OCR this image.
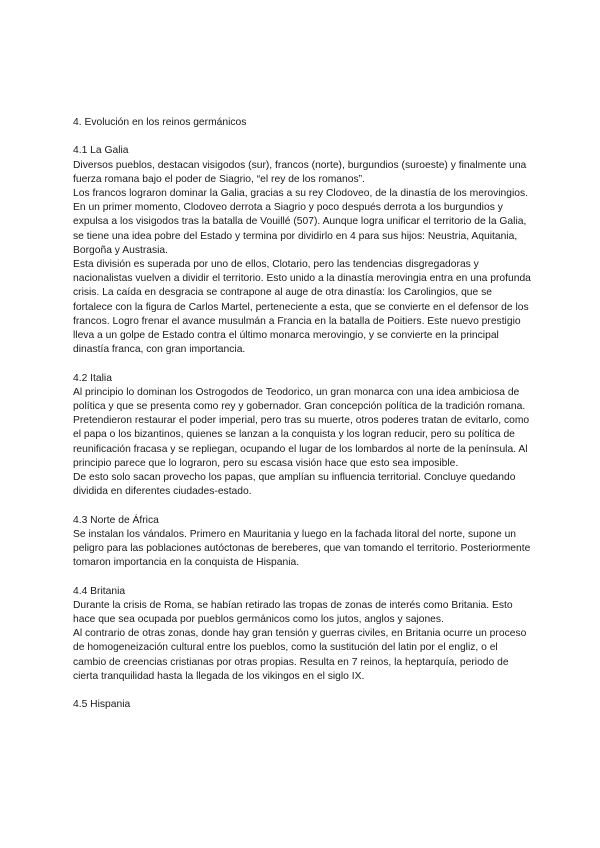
4. Evolución en los reinos germánicos

4.1 La Galia

Diversos pueblos, destacan visigodos (sur), francos (norte), burgundios (suroeste) y finalmente una fuerza romana bajo el poder de Siagrio, “el rey de los romanos”.

Los francos lograron dominar la Galia, gracias a su rey Clodoveo, de la dinastía de los merovingios.

En un primer momento, Clodoveo derrota a Siagrio y poco después derrota a los burgundios y expulsa a los visigodos tras la batalla de Vouillé (507). Aunque logra unificar el territorio de la Galia, se tiene una idea pobre del Estado y termina por dividirlo en 4 para sus hijos: Neustria, Aquitania, Borgoña y Austrasia.

Esta división es superada por uno de ellos, Clotario, pero las tendencias disgregadoras y nacionalistas vuelven a dividir el territorio. Esto unido a la dinastía merovingia entra en una profunda crisis. La caída en desgracia se contrapone al auge de otra dinastía: los Carolingios, que se fortalece con la figura de Carlos Martel, perteneciente a esta, que se convierte en el defensor de los francos. Logro frenar el avance musulmán a Francia en la batalla de Poitiers. Este nuevo prestigio lleva a un golpe de Estado contra el último monarca merovingio, y se convierte en la principal dinastía franca, con gran importancia.

4.2 Italia

Al principio lo dominan los Ostrogodos de Teodorico, un gran monarca con una idea ambiciosa de política y que se presenta como rey y gobernador. Gran concepción política de la tradición romana. Pretendieron restaurar el poder imperial, pero tras su muerte, otros poderes tratan de evitarlo, como el papa o los bizantinos, quienes se lanzan a la conquista y los logran reducir, pero su política de reunificación fracasa y se repliegan, ocupando el lugar de los lombardos al norte de la península. Al principio parece que lo lograron, pero su escasa visión hace que esto sea imposible.

De esto solo sacan provecho los papas, que amplían su influencia territorial. Concluye quedando dividida en diferentes ciudades-estado.

4.3 Norte de África

Se instalan los vándalos. Primero en Mauritania y luego en la fachada litoral del norte, supone un peligro para las poblaciones autóctonas de bereberes, que van tomando el territorio. Posteriormente tomaron importancia en la conquista de Hispania.

4.4 Britania

Durante la crisis de Roma, se habían retirado las tropas de zonas de interés como Britania. Esto hace que sea ocupada por pueblos germánicos como los jutos, anglos y sajones.

Al contrario de otras zonas, donde hay gran tensión y guerras civiles, en Britania ocurre un proceso de homogeneización cultural entre los pueblos, como la sustitución del latin por el engliz, o el cambio de creencias cristianas por otras propias. Resulta en 7 reinos, la heptarquía, periodo de cierta tranquilidad hasta la llegada de los vikingos en el siglo IX.

4.5 Hispania
